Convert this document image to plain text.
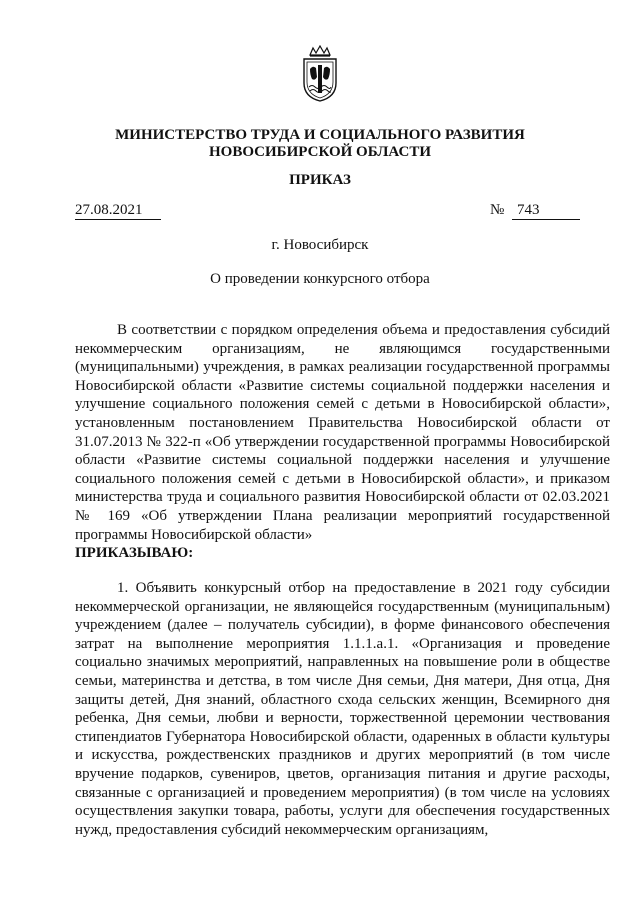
МИНИСТЕРСТВО ТРУДА И СОЦИАЛЬНОГО РАЗВИТИЯ
НОВОСИБИРСКОЙ ОБЛАСТИ
ПРИКАЗ
27.08.2021	№ 743
г. Новосибирск
О проведении конкурсного отбора

В соответствии с порядком определения объема и предоставления субсидий некоммерческим организациям, не являющимся государственными (муниципальными) учреждения, в рамках реализации государственной программы Новосибирской области «Развитие системы социальной поддержки населения и улучшение социального положения семей с детьми в Новосибирской области», установленным постановлением Правительства Новосибирской области от 31.07.2013 № 322-п «Об утверждении государственной программы Новосибирской области «Развитие системы социальной поддержки населения и улучшение социального положения семей с детьми в Новосибирской области», и приказом министерства труда и социального развития Новосибирской области от 02.03.2021 № 169 «Об утверждении Плана реализации мероприятий государственной программы Новосибирской области»

ПРИКАЗЫВАЮ:

1. Объявить конкурсный отбор на предоставление в 2021 году субсидии некоммерческой организации, не являющейся государственным (муниципальным) учреждением (далее – получатель субсидии), в форме финансового обеспечения затрат на выполнение мероприятия 1.1.1.а.1. «Организация и проведение социально значимых мероприятий, направленных на повышение роли в обществе семьи, материнства и детства, в том числе Дня семьи, Дня матери, Дня отца, Дня защиты детей, Дня знаний, областного схода сельских женщин, Всемирного дня ребенка, Дня семьи, любви и верности, торжественной церемонии чествования стипендиатов Губернатора Новосибирской области, одаренных в области культуры и искусства, рождественских праздников и других мероприятий (в том числе вручение подарков, сувениров, цветов, организация питания и другие расходы, связанные с организацией и проведением мероприятия) (в том числе на условиях осуществления закупки товара, работы, услуги для обеспечения государственных нужд, предоставления субсидий некоммерческим организациям,
